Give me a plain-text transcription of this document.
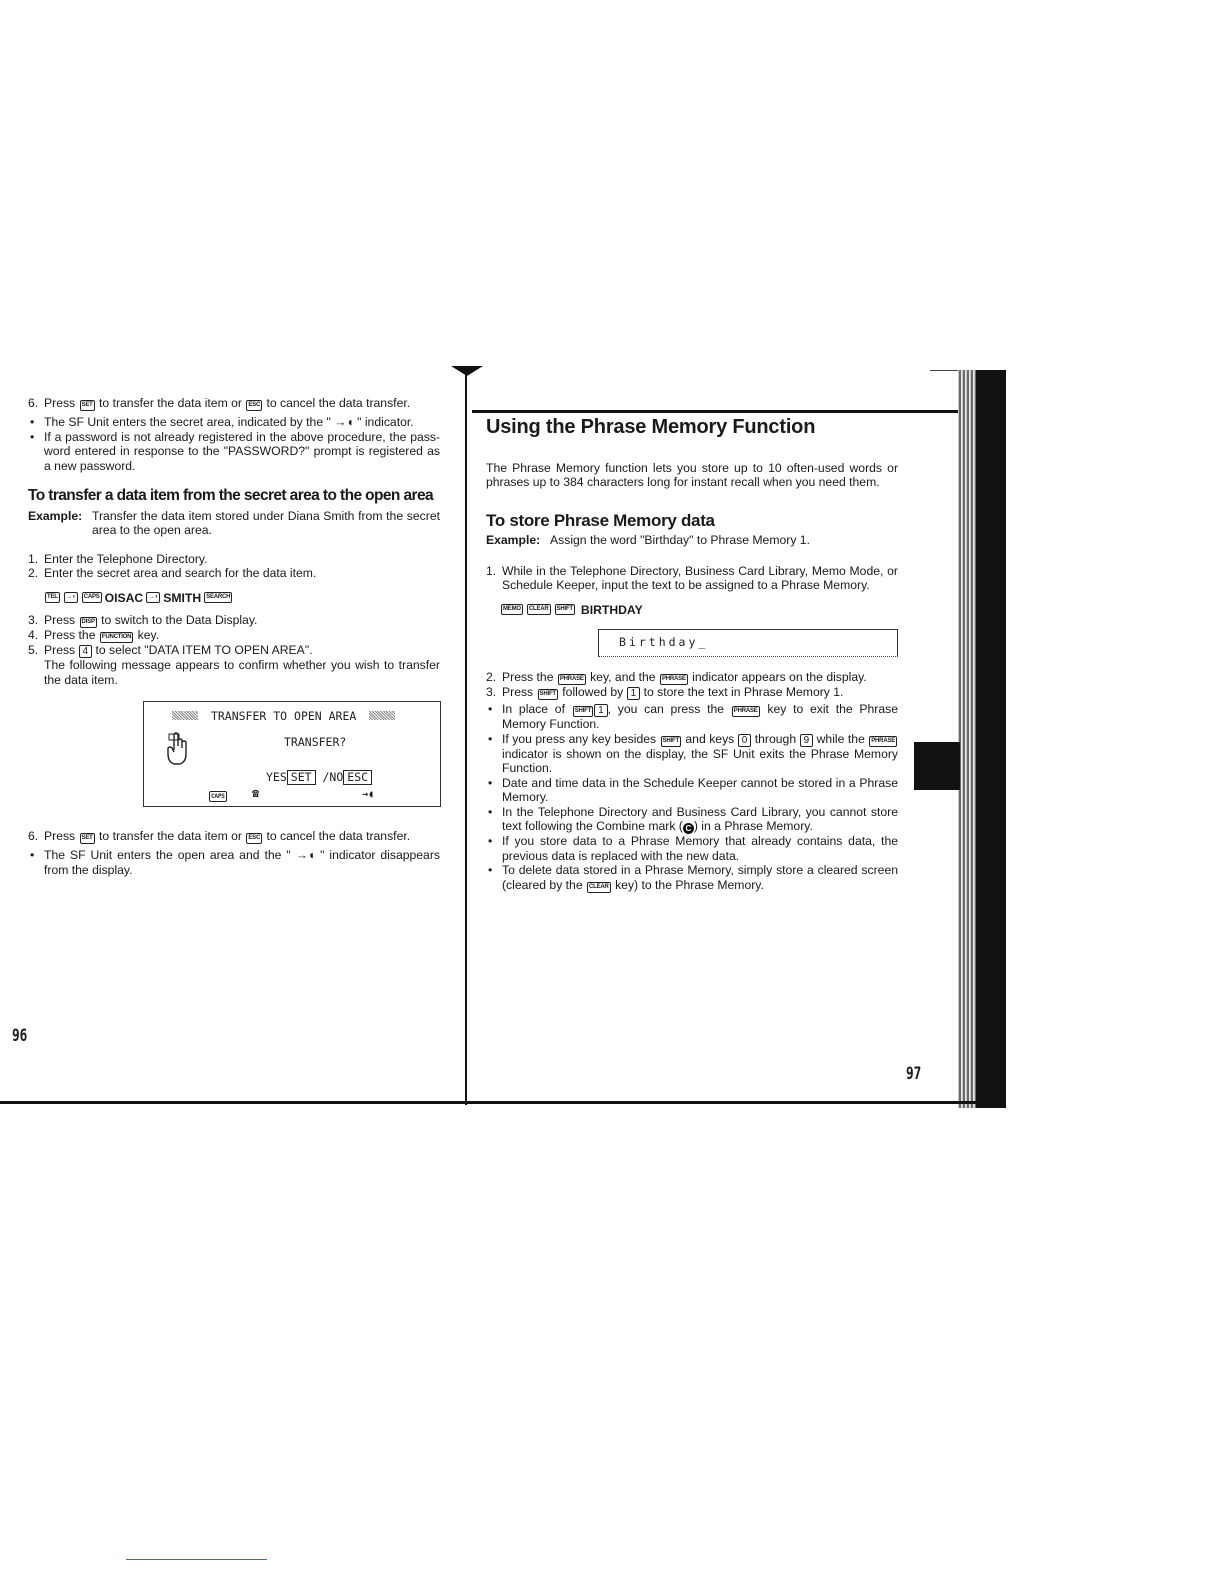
6. Press SET to transfer the data item or ESC to cancel the data transfer.
• The SF Unit enters the secret area, indicated by the " →◖ " indicator.
• If a password is not already registered in the above procedure, the pass-word entered in response to the "PASSWORD?" prompt is registered as a new password.
To transfer a data item from the secret area to the open area
Example: Transfer the data item stored under Diana Smith from the secret area to the open area.
1. Enter the Telephone Directory.
2. Enter the secret area and search for the data item.
TEL	→◖	CAPS OISAC →◖ SMITH SEARCH
3. Press DISP to switch to the Data Display.
4. Press the FUNCTION key.
5. Press 4 to select "DATA ITEM TO OPEN AREA".
The following message appears to confirm whether you wish to transfer the data item.
TRANSFER TO OPEN AREA
TRANSFER?
YES SET /NO ESC
CAPS ☎	→◖
6. Press SET to transfer the data item or ESC to cancel the data transfer.
• The SF Unit enters the open area and the " →◖ " indicator disappears from the display.
96
Using the Phrase Memory Function

The Phrase Memory function lets you store up to 10 often-used words or phrases up to 384 characters long for instant recall when you need them.

To store Phrase Memory data
Example: Assign the word "Birthday" to Phrase Memory 1.
1. While in the Telephone Directory, Business Card Library, Memo Mode, or Schedule Keeper, input the text to be assigned to a Phrase Memory.
MEMO	CLEAR	SHIFT BIRTHDAY
Birthday_
2. Press the PHRASE key, and the PHRASE indicator appears on the display.
3. Press SHIFT followed by 1 to store the text in Phrase Memory 1.
• In place of SHIFT 1 , you can press the PHRASE key to exit the Phrase Memory Function.
• If you press any key besides SHIFT and keys 0 through 9 while the PHRASE indicator is shown on the display, the SF Unit exits the Phrase Memory Function.
• Date and time data in the Schedule Keeper cannot be stored in a Phrase Memory.
• In the Telephone Directory and Business Card Library, you cannot store text following the Combine mark ( C ) in a Phrase Memory.
• If you store data to a Phrase Memory that already contains data, the previous data is replaced with the new data.
• To delete data stored in a Phrase Memory, simply store a cleared screen (cleared by the CLEAR key) to the Phrase Memory.
97
